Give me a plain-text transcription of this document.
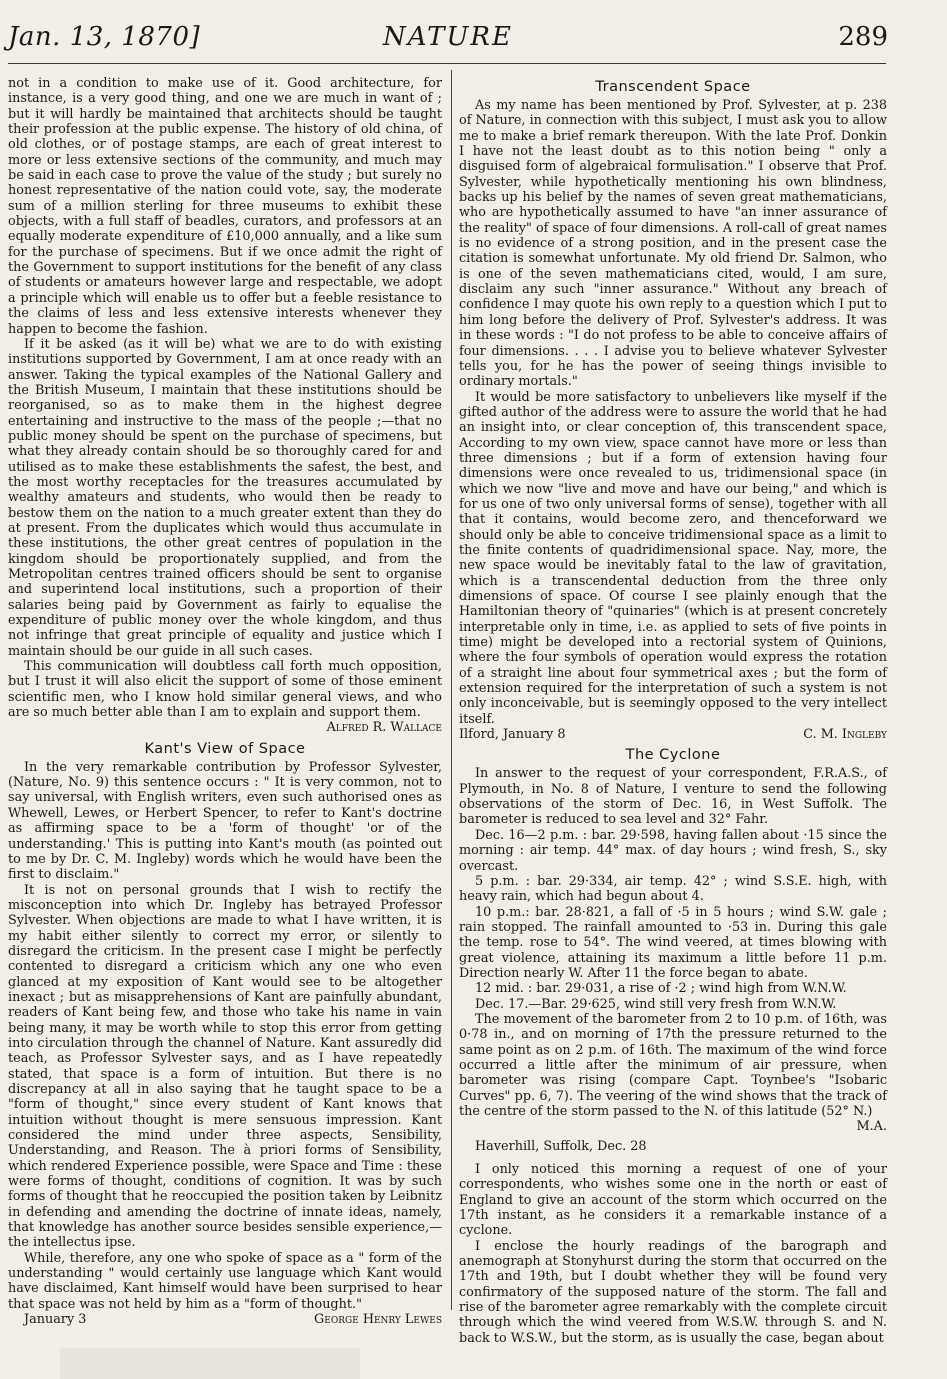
Jan. 13, 1870]	NATURE	289

not in a condition to make use of it. Good architecture, for instance, is a very good thing, and one we are much in want of ; but it will hardly be maintained that architects should be taught their profession at the public expense. The history of old china, of old clothes, or of postage stamps, are each of great interest to more or less extensive sections of the community, and much may be said in each case to prove the value of the study ; but surely no honest representative of the nation could vote, say, the moderate sum of a million sterling for three museums to exhibit these objects, with a full staff of beadles, curators, and professors at an equally moderate expenditure of £10,000 annually, and a like sum for the purchase of specimens. But if we once admit the right of the Government to support institutions for the benefit of any class of students or amateurs however large and respectable, we adopt a principle which will enable us to offer but a feeble resistance to the claims of less and less extensive interests whenever they happen to become the fashion.

If it be asked (as it will be) what we are to do with existing institutions supported by Government, I am at once ready with an answer. Taking the typical examples of the National Gallery and the British Museum, I maintain that these institutions should be reorganised, so as to make them in the highest degree entertaining and instructive to the mass of the people ;—that no public money should be spent on the purchase of specimens, but what they already contain should be so thoroughly cared for and utilised as to make these establishments the safest, the best, and the most worthy receptacles for the treasures accumulated by wealthy amateurs and students, who would then be ready to bestow them on the nation to a much greater extent than they do at present. From the duplicates which would thus accumulate in these institutions, the other great centres of population in the kingdom should be proportionately supplied, and from the Metropolitan centres trained officers should be sent to organise and superintend local institutions, such a proportion of their salaries being paid by Government as fairly to equalise the expenditure of public money over the whole kingdom, and thus not infringe that great principle of equality and justice which I maintain should be our guide in all such cases.

This communication will doubtless call forth much opposition, but I trust it will also elicit the support of some of those eminent scientific men, who I know hold similar general views, and who are so much better able than I am to explain and support them.

Alfred R. Wallace
Kant's View of Space

In the very remarkable contribution by Professor Sylvester, (Nature, No. 9) this sentence occurs : " It is very common, not to say universal, with English writers, even such authorised ones as Whewell, Lewes, or Herbert Spencer, to refer to Kant's doctrine as affirming space to be a 'form of thought' 'or of the understanding.' This is putting into Kant's mouth (as pointed out to me by Dr. C. M. Ingleby) words which he would have been the first to disclaim."

It is not on personal grounds that I wish to rectify the misconception into which Dr. Ingleby has betrayed Professor Sylvester. When objections are made to what I have written, it is my habit either silently to correct my error, or silently to disregard the criticism. In the present case I might be perfectly contented to disregard a criticism which any one who even glanced at my exposition of Kant would see to be altogether inexact ; but as misapprehensions of Kant are painfully abundant, readers of Kant being few, and those who take his name in vain being many, it may be worth while to stop this error from getting into circulation through the channel of Nature. Kant assuredly did teach, as Professor Sylvester says, and as I have repeatedly stated, that space is a form of intuition. But there is no discrepancy at all in also saying that he taught space to be a "form of thought," since every student of Kant knows that intuition without thought is mere sensuous impression. Kant considered the mind under three aspects, Sensibility, Understanding, and Reason. The à priori forms of Sensibility, which rendered Experience possible, were Space and Time : these were forms of thought, conditions of cognition. It was by such forms of thought that he reoccupied the position taken by Leibnitz in defending and amending the doctrine of innate ideas, namely, that knowledge has another source besides sensible experience,—the intellectus ipse.

While, therefore, any one who spoke of space as a " form of the understanding " would certainly use language which Kant would have disclaimed, Kant himself would have been surprised to hear that space was not held by him as a "form of thought."

January 3	George Henry Lewes
Transcendent Space

As my name has been mentioned by Prof. Sylvester, at p. 238 of Nature, in connection with this subject, I must ask you to allow me to make a brief remark thereupon. With the late Prof. Donkin I have not the least doubt as to this notion being " only a disguised form of algebraical formulisation." I observe that Prof. Sylvester, while hypothetically mentioning his own blindness, backs up his belief by the names of seven great mathematicians, who are hypothetically assumed to have "an inner assurance of the reality" of space of four dimensions. A roll-call of great names is no evidence of a strong position, and in the present case the citation is somewhat unfortunate. My old friend Dr. Salmon, who is one of the seven mathematicians cited, would, I am sure, disclaim any such "inner assurance." Without any breach of confidence I may quote his own reply to a question which I put to him long before the delivery of Prof. Sylvester's address. It was in these words : "I do not profess to be able to conceive affairs of four dimensions. . . . I advise you to believe whatever Sylvester tells you, for he has the power of seeing things invisible to ordinary mortals."

It would be more satisfactory to unbelievers like myself if the gifted author of the address were to assure the world that he had an insight into, or clear conception of, this transcendent space, According to my own view, space cannot have more or less than three dimensions ; but if a form of extension having four dimensions were once revealed to us, tridimensional space (in which we now "live and move and have our being," and which is for us one of two only universal forms of sense), together with all that it contains, would become zero, and thenceforward we should only be able to conceive tridimensional space as a limit to the finite contents of quadridimensional space. Nay, more, the new space would be inevitably fatal to the law of gravitation, which is a transcendental deduction from the three only dimensions of space. Of course I see plainly enough that the Hamiltonian theory of "quinaries" (which is at present concretely interpretable only in time, i.e. as applied to sets of five points in time) might be developed into a rectorial system of Quinions, where the four symbols of operation would express the rotation of a straight line about four symmetrical axes ; but the form of extension required for the interpretation of such a system is not only inconceivable, but is seemingly opposed to the very intellect itself.

Ilford, January 8	C. M. Ingleby
The Cyclone

In answer to the request of your correspondent, F.R.A.S., of Plymouth, in No. 8 of Nature, I venture to send the following observations of the storm of Dec. 16, in West Suffolk. The barometer is reduced to sea level and 32° Fahr.

Dec. 16—2 p.m. : bar. 29·598, having fallen about ·15 since the morning : air temp. 44° max. of day hours ; wind fresh, S., sky overcast.

5 p.m. : bar. 29·334, air temp. 42° ; wind S.S.E. high, with heavy rain, which had begun about 4.

10 p.m.: bar. 28·821, a fall of ·5 in 5 hours ; wind S.W. gale ; rain stopped. The rainfall amounted to ·53 in. During this gale the temp. rose to 54°. The wind veered, at times blowing with great violence, attaining its maximum a little before 11 p.m. Direction nearly W. After 11 the force began to abate.

12 mid. : bar. 29·031, a rise of ·2 ; wind high from W.N.W.

Dec. 17.—Bar. 29·625, wind still very fresh from W.N.W.

The movement of the barometer from 2 to 10 p.m. of 16th, was 0·78 in., and on morning of 17th the pressure returned to the same point as on 2 p.m. of 16th. The maximum of the wind force occurred a little after the minimum of air pressure, when barometer was rising (compare Capt. Toynbee's "Isobaric Curves" pp. 6, 7). The veering of the wind shows that the track of the centre of the storm passed to the N. of this latitude (52° N.)

M.A.

Haverhill, Suffolk, Dec. 28

I only noticed this morning a request of one of your correspondents, who wishes some one in the north or east of England to give an account of the storm which occurred on the 17th instant, as he considers it a remarkable instance of a cyclone.

I enclose the hourly readings of the barograph and anemograph at Stonyhurst during the storm that occurred on the 17th and 19th, but I doubt whether they will be found very confirmatory of the supposed nature of the storm. The fall and rise of the barometer agree remarkably with the complete circuit through which the wind veered from W.S.W. through S. and N. back to W.S.W., but the storm, as is usually the case, began about
